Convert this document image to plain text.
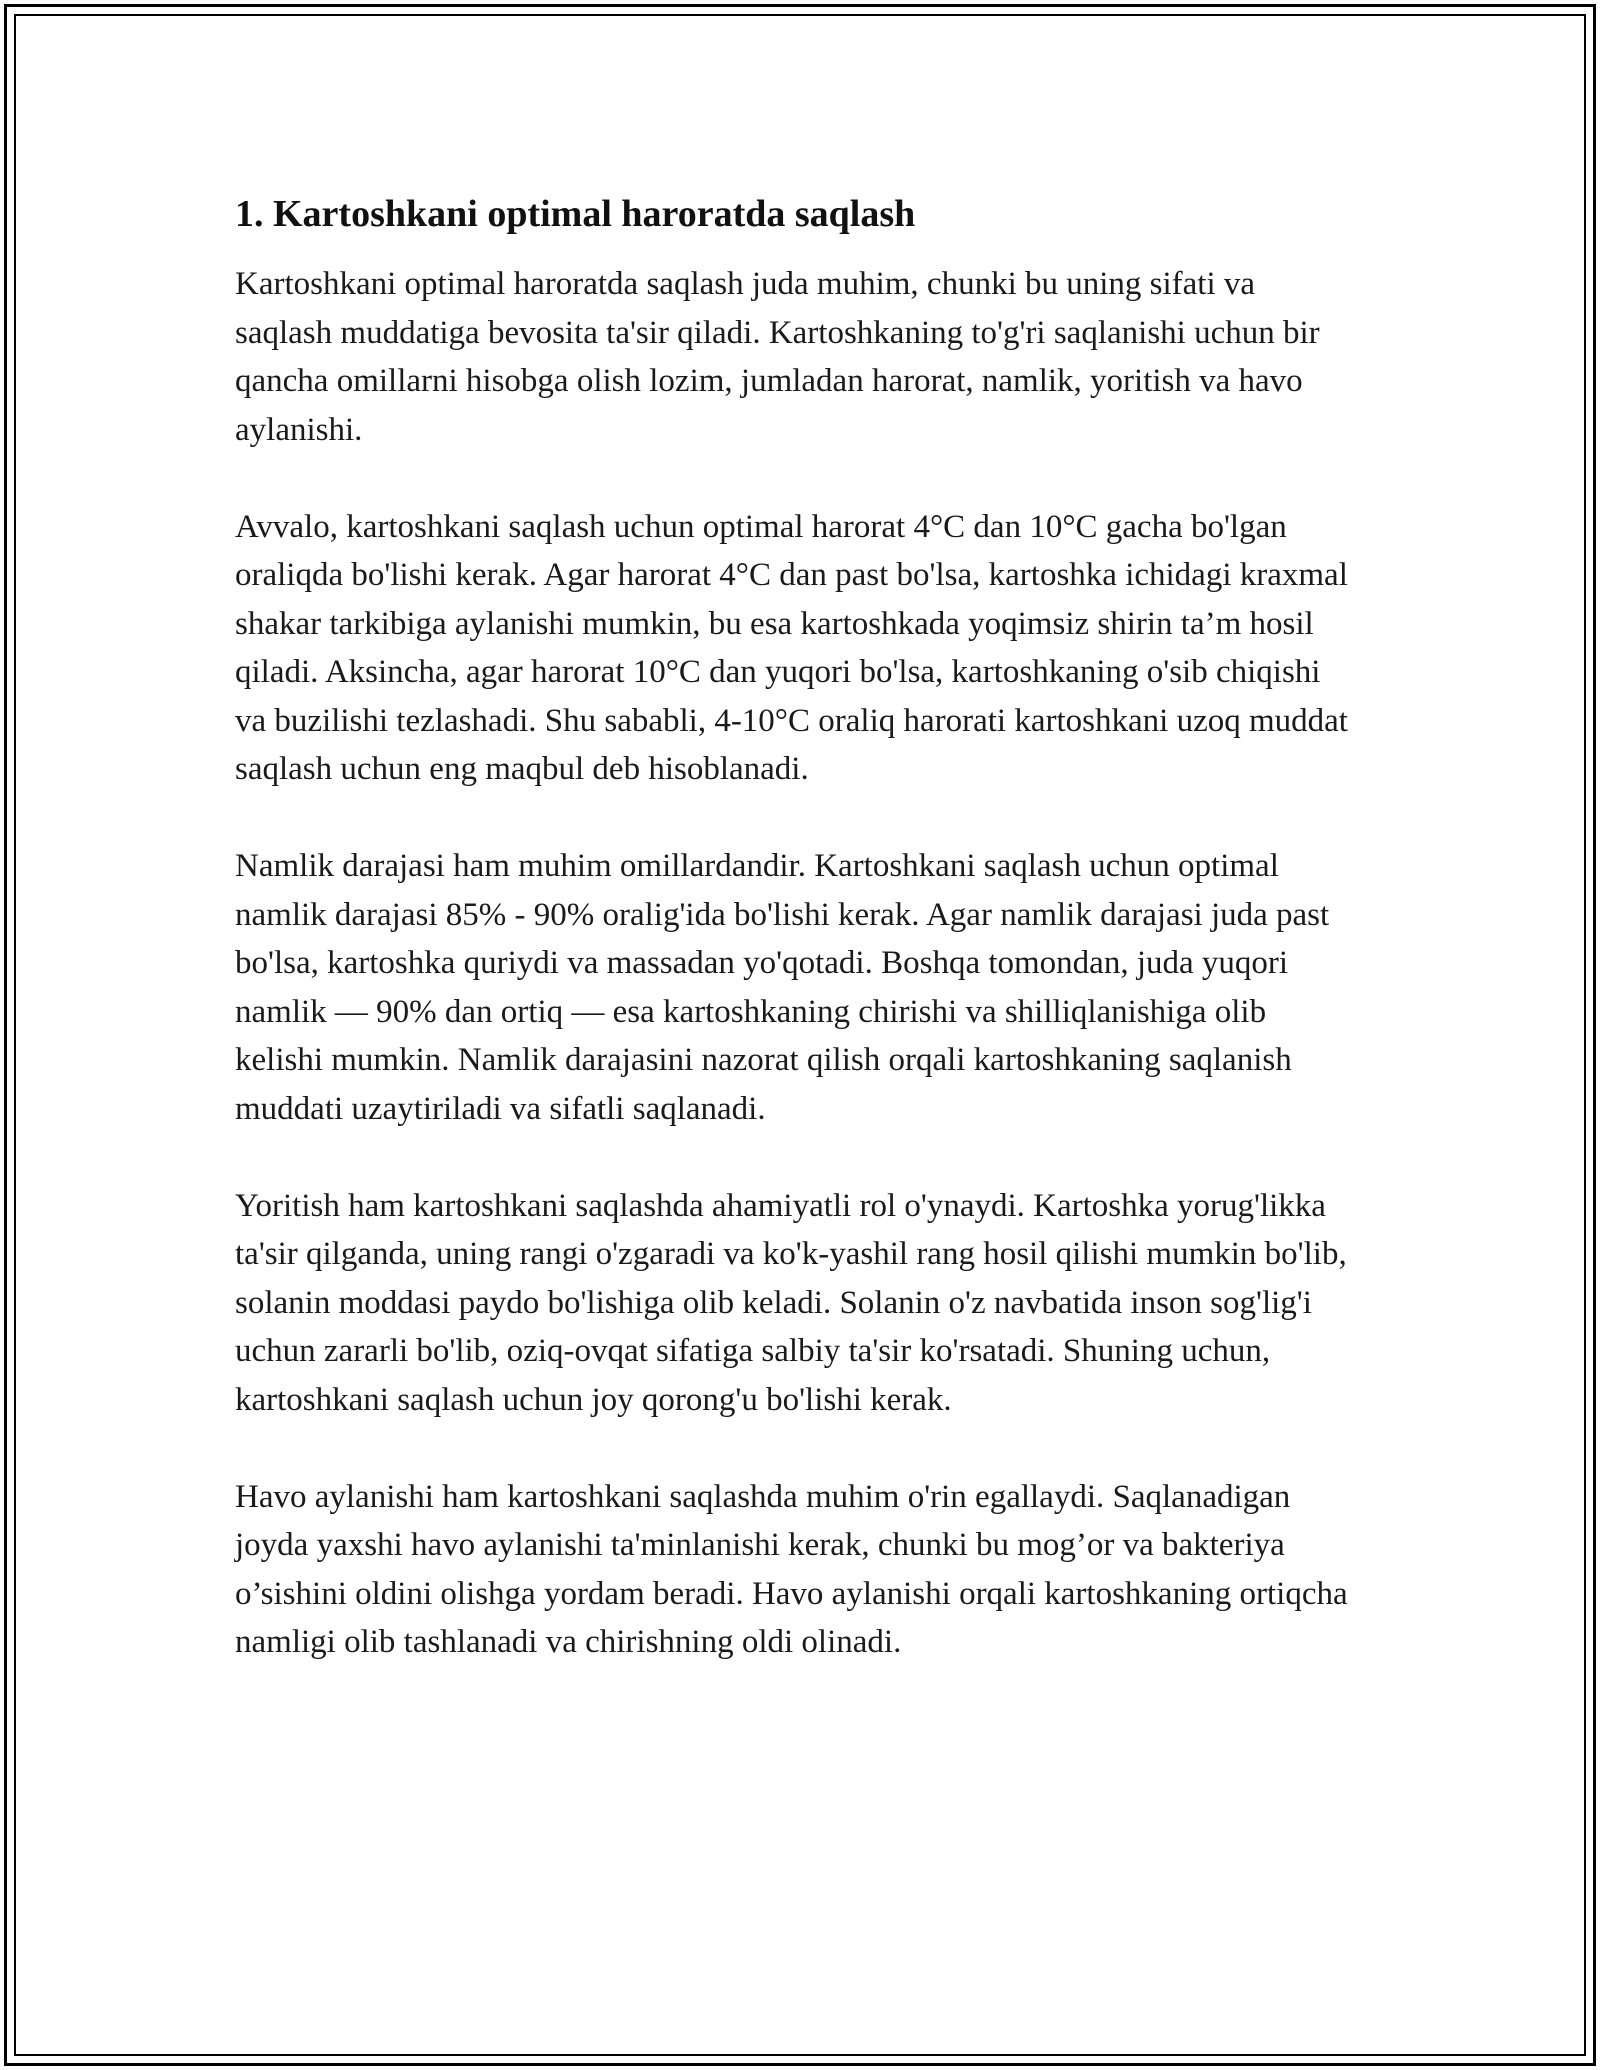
1. Kartoshkani optimal haroratda saqlash

Kartoshkani optimal haroratda saqlash juda muhim, chunki bu uning sifati va saqlash muddatiga bevosita ta'sir qiladi. Kartoshkaning to'g'ri saqlanishi uchun bir qancha omillarni hisobga olish lozim, jumladan harorat, namlik, yoritish va havo aylanishi.

Avvalo, kartoshkani saqlash uchun optimal harorat 4°C dan 10°C gacha bo'lgan oraliqda bo'lishi kerak. Agar harorat 4°C dan past bo'lsa, kartoshka ichidagi kraxmal shakar tarkibiga aylanishi mumkin, bu esa kartoshkada yoqimsiz shirin ta’m hosil qiladi. Aksincha, agar harorat 10°C dan yuqori bo'lsa, kartoshkaning o'sib chiqishi va buzilishi tezlashadi. Shu sababli, 4-10°C oraliq harorati kartoshkani uzoq muddat saqlash uchun eng maqbul deb hisoblanadi.

Namlik darajasi ham muhim omillardandir. Kartoshkani saqlash uchun optimal namlik darajasi 85% - 90% oralig'ida bo'lishi kerak. Agar namlik darajasi juda past bo'lsa, kartoshka quriydi va massadan yo'qotadi. Boshqa tomondan, juda yuqori namlik — 90% dan ortiq — esa kartoshkaning chirishi va shilliqlanishiga olib kelishi mumkin. Namlik darajasini nazorat qilish orqali kartoshkaning saqlanish muddati uzaytiriladi va sifatli saqlanadi.

Yoritish ham kartoshkani saqlashda ahamiyatli rol o'ynaydi. Kartoshka yorug'likka ta'sir qilganda, uning rangi o'zgaradi va ko'k-yashil rang hosil qilishi mumkin bo'lib, solanin moddasi paydo bo'lishiga olib keladi. Solanin o'z navbatida inson sog'lig'i uchun zararli bo'lib, oziq-ovqat sifatiga salbiy ta'sir ko'rsatadi. Shuning uchun, kartoshkani saqlash uchun joy qorong'u bo'lishi kerak.

Havo aylanishi ham kartoshkani saqlashda muhim o'rin egallaydi. Saqlanadigan joyda yaxshi havo aylanishi ta'minlanishi kerak, chunki bu mog’or va bakteriya o’sishini oldini olishga yordam beradi. Havo aylanishi orqali kartoshkaning ortiqcha namligi olib tashlanadi va chirishning oldi olinadi.
